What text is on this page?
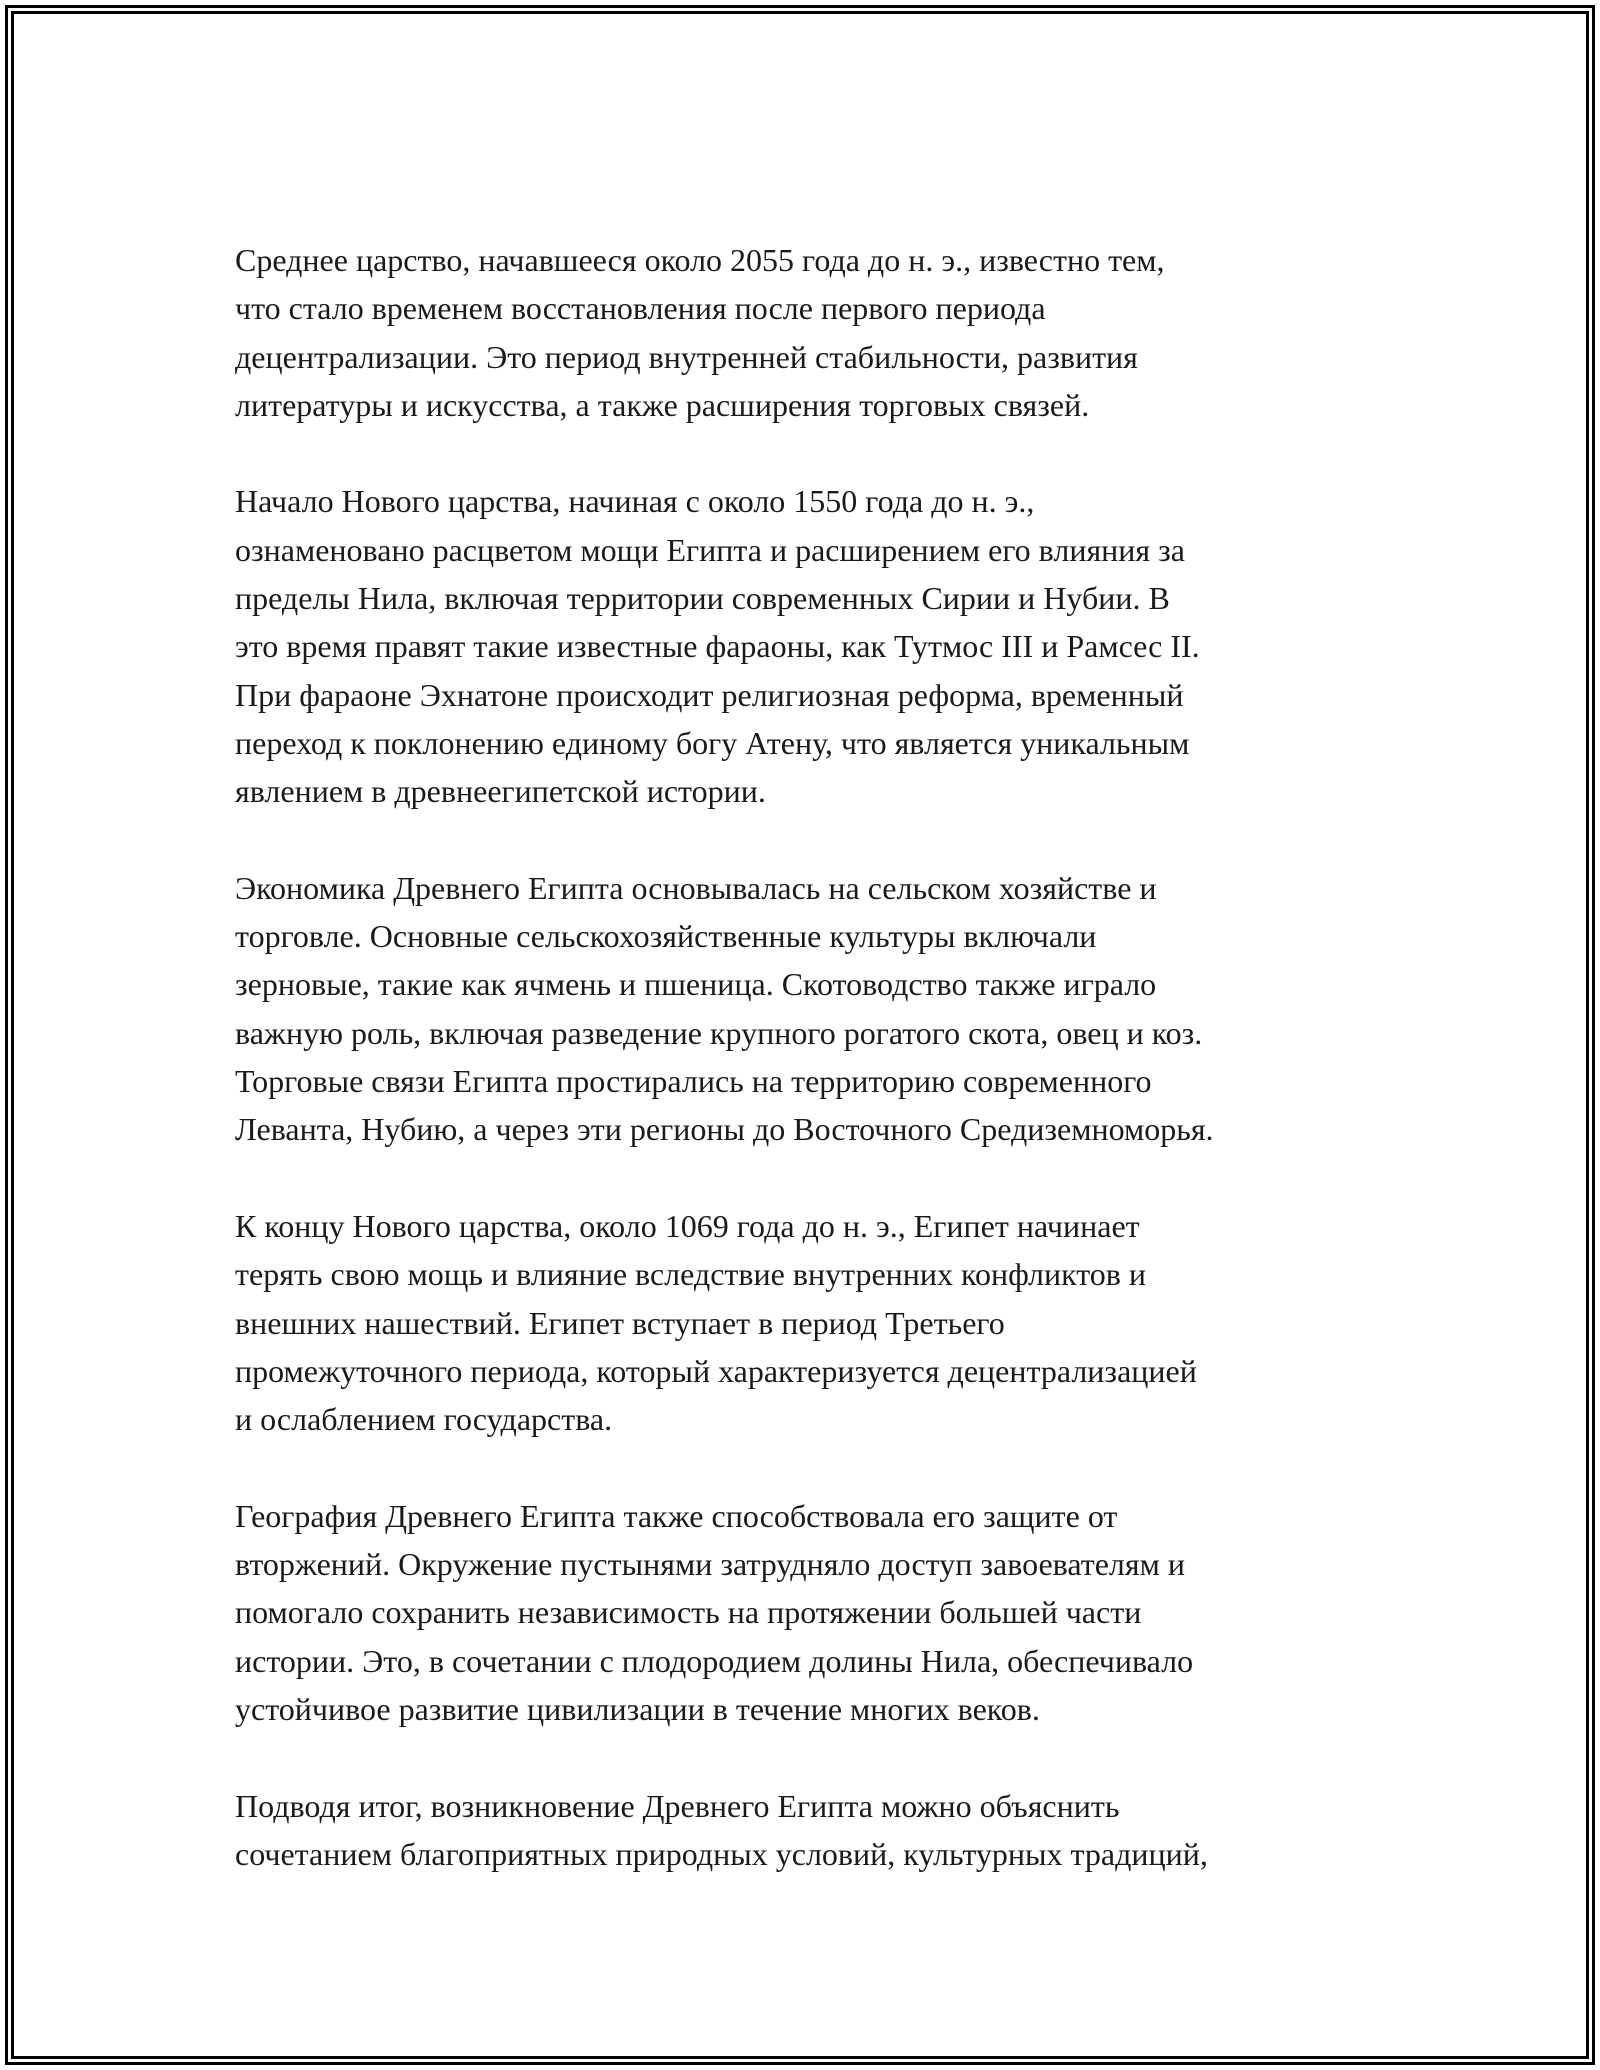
Среднее царство, начавшееся около 2055 года до н. э., известно тем,
что стало временем восстановления после первого периода
децентрализации. Это период внутренней стабильности, развития
литературы и искусства, а также расширения торговых связей.

Начало Нового царства, начиная с около 1550 года до н. э.,
ознаменовано расцветом мощи Египта и расширением его влияния за
пределы Нила, включая территории современных Сирии и Нубии. В
это время правят такие известные фараоны, как Тутмос III и Рамсес II.
При фараоне Эхнатоне происходит религиозная реформа, временный
переход к поклонению единому богу Атену, что является уникальным
явлением в древнеегипетской истории.

Экономика Древнего Египта основывалась на сельском хозяйстве и
торговле. Основные сельскохозяйственные культуры включали
зерновые, такие как ячмень и пшеница. Скотоводство также играло
важную роль, включая разведение крупного рогатого скота, овец и коз.
Торговые связи Египта простирались на территорию современного
Леванта, Нубию, а через эти регионы до Восточного Средиземноморья.

К концу Нового царства, около 1069 года до н. э., Египет начинает
терять свою мощь и влияние вследствие внутренних конфликтов и
внешних нашествий. Египет вступает в период Третьего
промежуточного периода, который характеризуется децентрализацией
и ослаблением государства.

География Древнего Египта также способствовала его защите от
вторжений. Окружение пустынями затрудняло доступ завоевателям и
помогало сохранить независимость на протяжении большей части
истории. Это, в сочетании с плодородием долины Нила, обеспечивало
устойчивое развитие цивилизации в течение многих веков.

Подводя итог, возникновение Древнего Египта можно объяснить
сочетанием благоприятных природных условий, культурных традиций,
